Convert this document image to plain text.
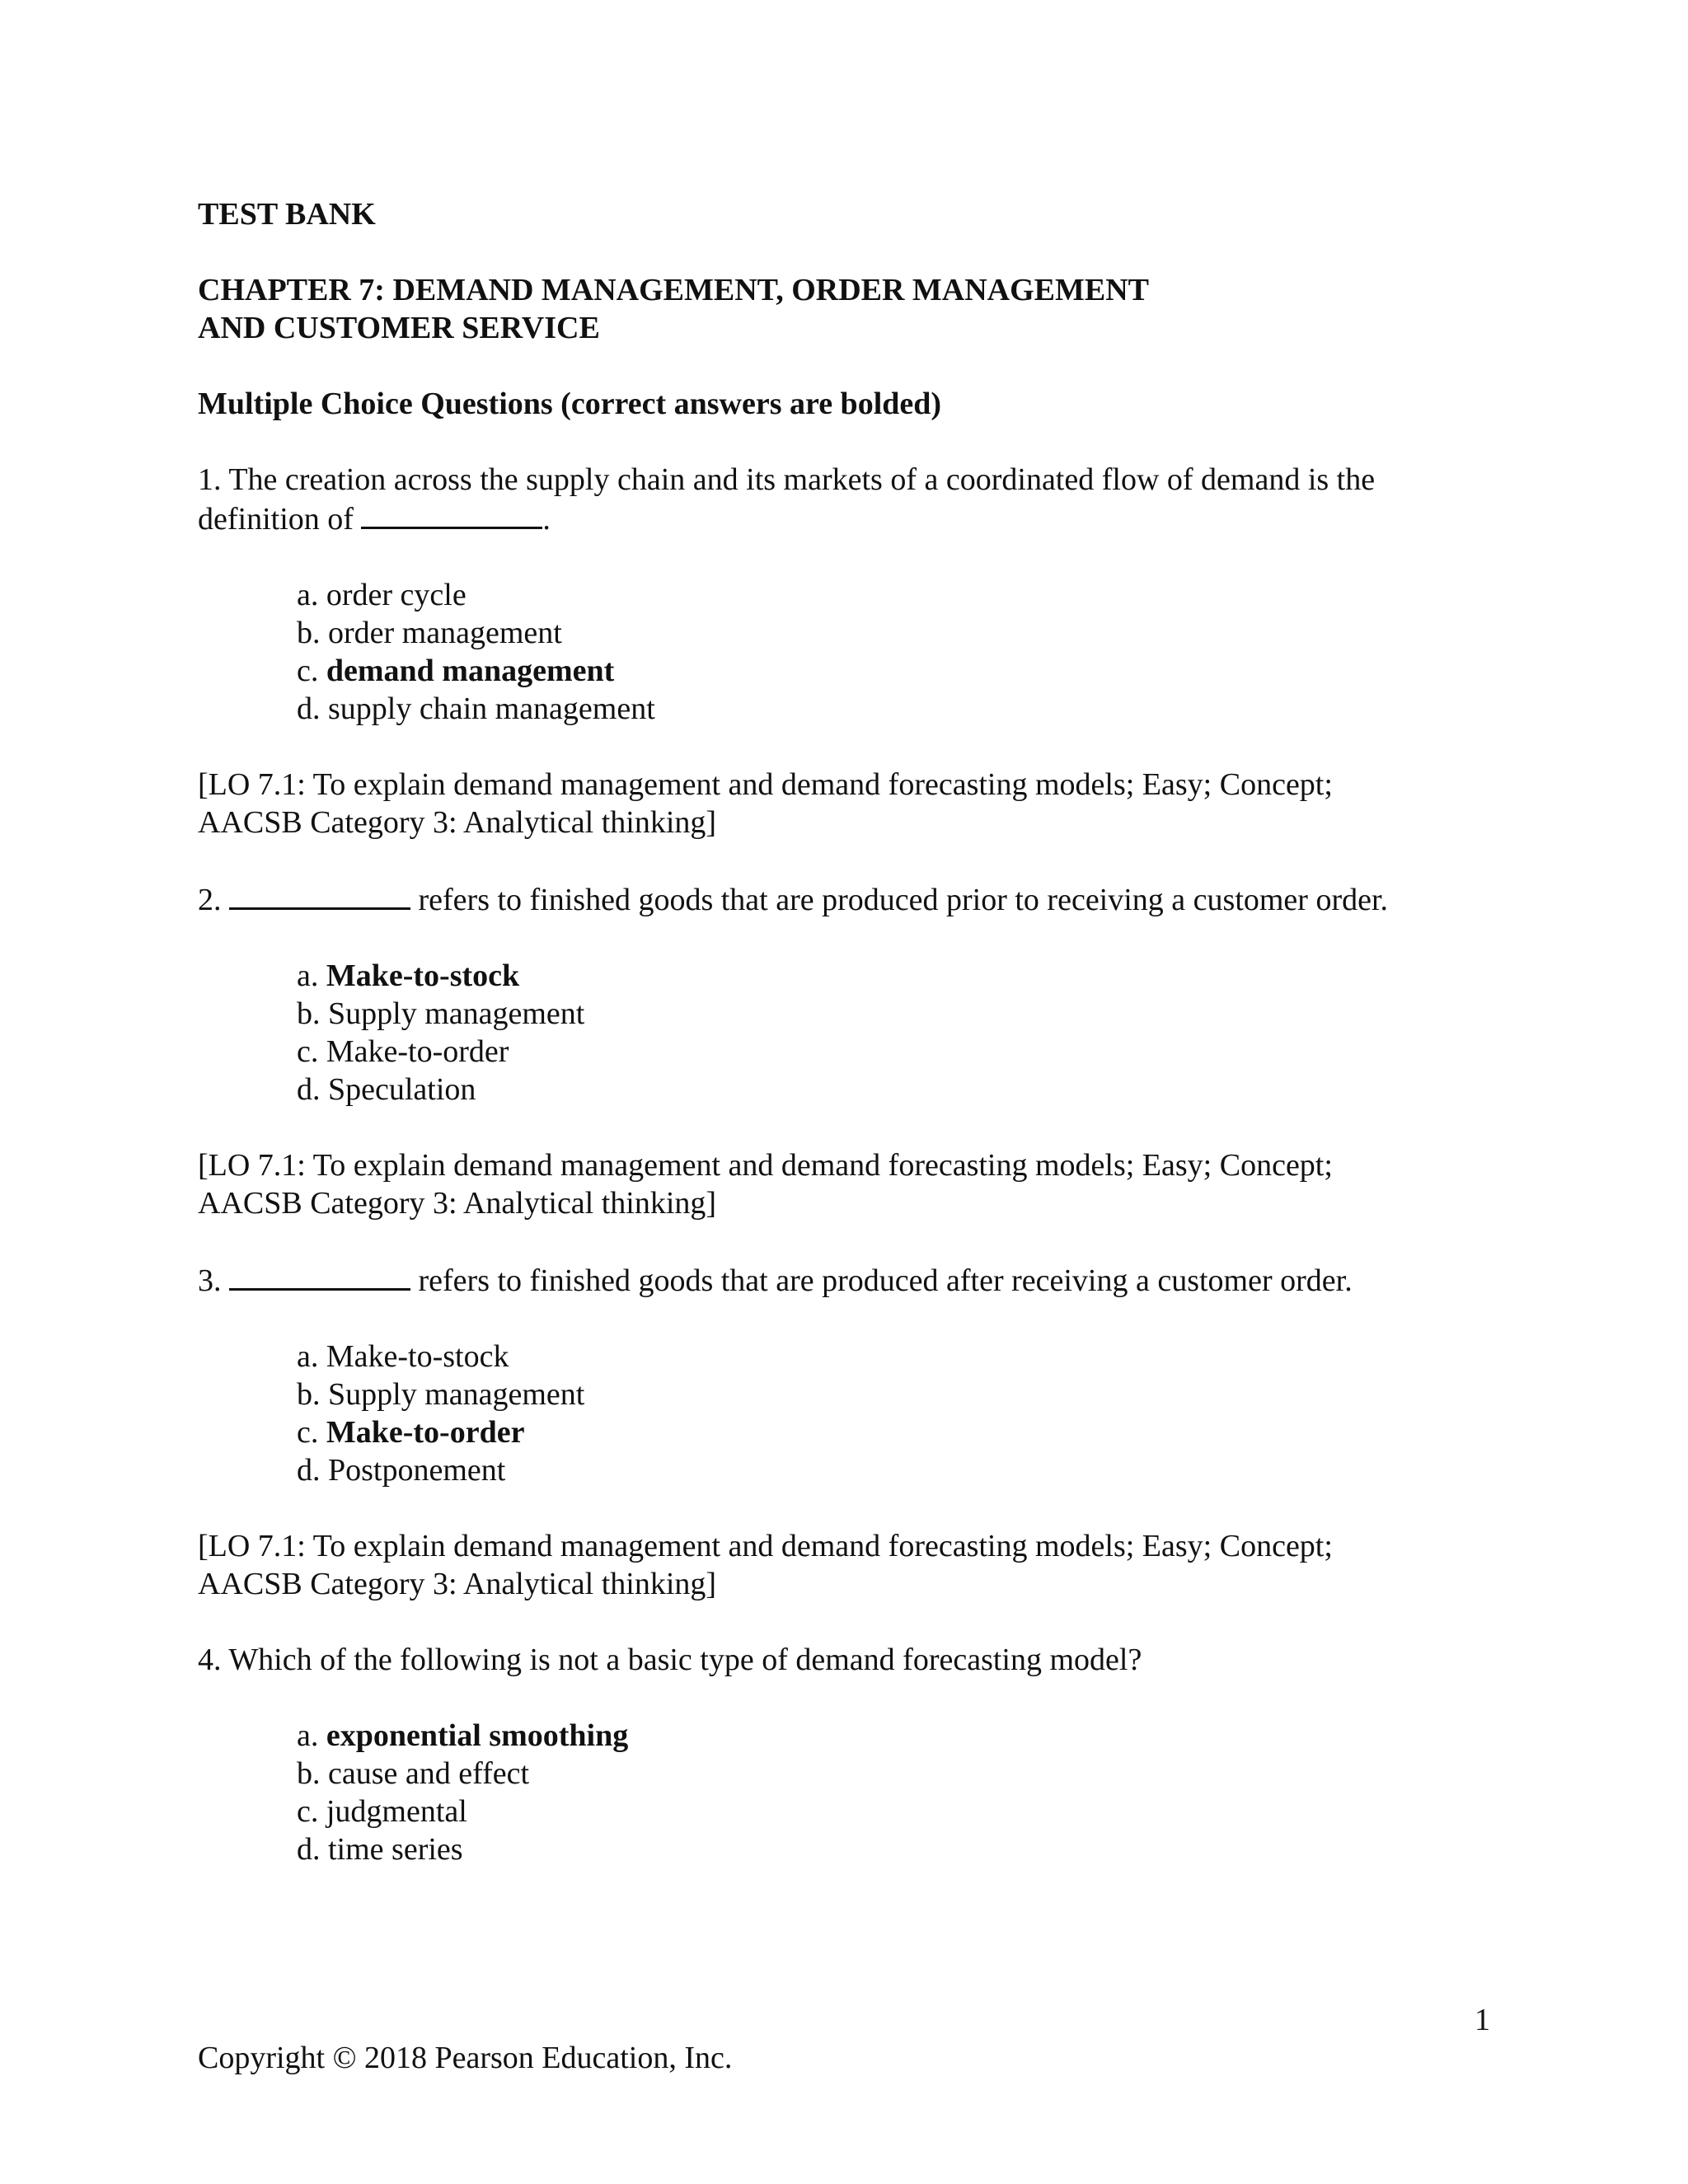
TEST BANK

CHAPTER 7: DEMAND MANAGEMENT, ORDER MANAGEMENT
AND CUSTOMER SERVICE

Multiple Choice Questions (correct answers are bolded)

1. The creation across the supply chain and its markets of a coordinated flow of demand is the
definition of	.
a. order cycle
b. order management
c. demand management
d. supply chain management
[LO 7.1: To explain demand management and demand forecasting models; Easy; Concept;
AACSB Category 3: Analytical thinking]
2.	refers to finished goods that are produced prior to receiving a customer order.
a. Make-to-stock
b. Supply management
c. Make-to-order
d. Speculation
[LO 7.1: To explain demand management and demand forecasting models; Easy; Concept;
AACSB Category 3: Analytical thinking]
3.	refers to finished goods that are produced after receiving a customer order.
a. Make-to-stock
b. Supply management
c. Make-to-order
d. Postponement
[LO 7.1: To explain demand management and demand forecasting models; Easy; Concept;
AACSB Category 3: Analytical thinking]
4. Which of the following is not a basic type of demand forecasting model?
a. exponential smoothing
b. cause and effect
c. judgmental
d. time series
1
Copyright © 2018 Pearson Education, Inc.
